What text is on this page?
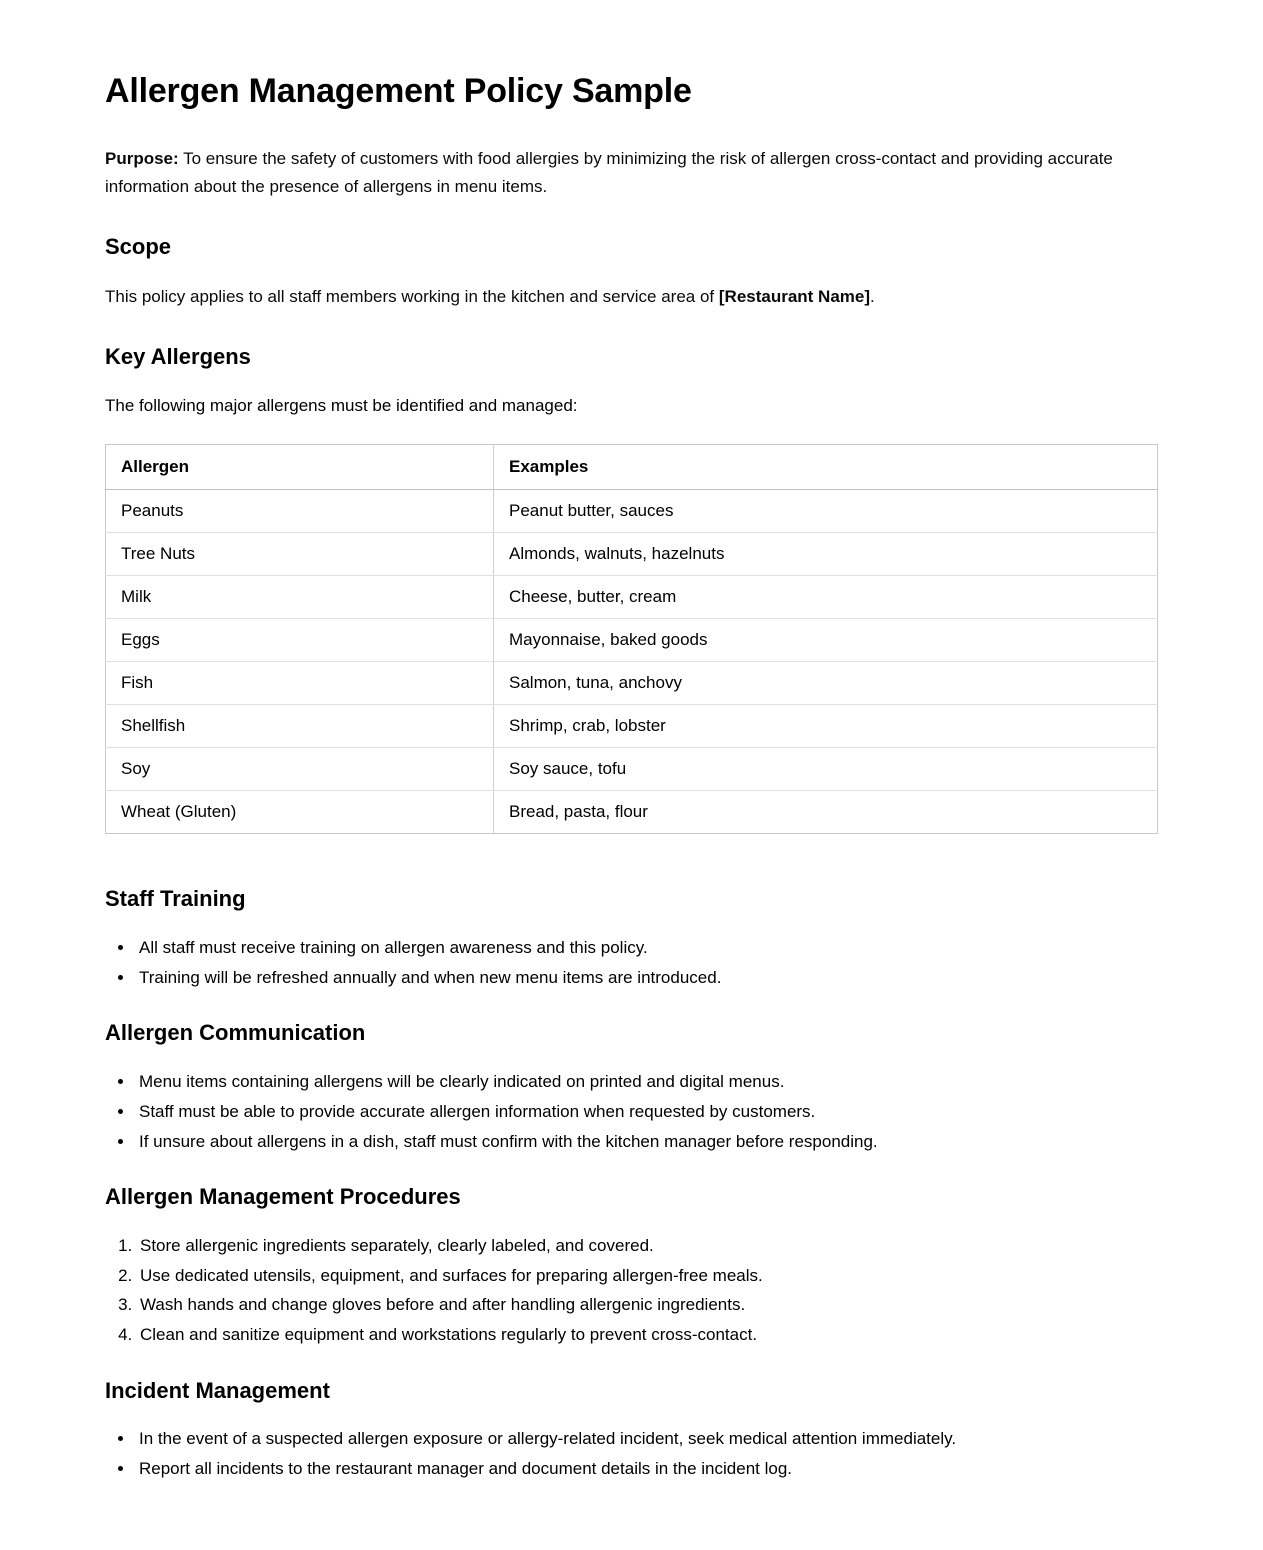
Allergen Management Policy Sample

Purpose: To ensure the safety of customers with food allergies by minimizing the risk of allergen cross-contact and providing accurate information about the presence of allergens in menu items.

Scope

This policy applies to all staff members working in the kitchen and service area of [Restaurant Name].

Key Allergens

The following major allergens must be identified and managed:

Allergen	Examples
Peanuts	Peanut butter, sauces
Tree Nuts	Almonds, walnuts, hazelnuts
Milk	Cheese, butter, cream
Eggs	Mayonnaise, baked goods
Fish	Salmon, tuna, anchovy
Shellfish	Shrimp, crab, lobster
Soy	Soy sauce, tofu
Wheat (Gluten)	Bread, pasta, flour
Staff Training
• All staff must receive training on allergen awareness and this policy.
• Training will be refreshed annually and when new menu items are introduced.
Allergen Communication
• Menu items containing allergens will be clearly indicated on printed and digital menus.
• Staff must be able to provide accurate allergen information when requested by customers.
• If unsure about allergens in a dish, staff must confirm with the kitchen manager before responding.
Allergen Management Procedures
1. Store allergenic ingredients separately, clearly labeled, and covered.
2. Use dedicated utensils, equipment, and surfaces for preparing allergen-free meals.
3. Wash hands and change gloves before and after handling allergenic ingredients.
4. Clean and sanitize equipment and workstations regularly to prevent cross-contact.
Incident Management
• In the event of a suspected allergen exposure or allergy-related incident, seek medical attention immediately.
• Report all incidents to the restaurant manager and document details in the incident log.
